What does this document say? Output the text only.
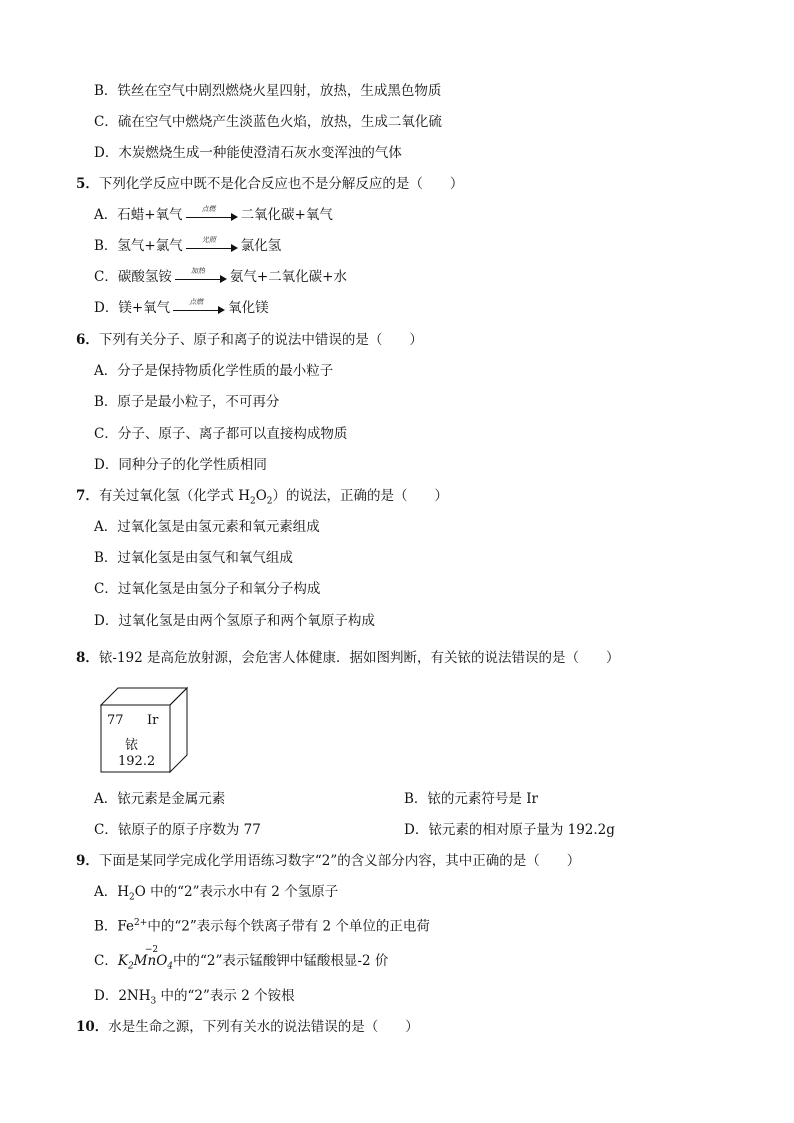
B．铁丝在空气中剧烈燃烧火星四射，放热，生成黑色物质
C．硫在空气中燃烧产生淡蓝色火焰，放热，生成二氧化硫
D．木炭燃烧生成一种能使澄清石灰水变浑浊的气体
5．下列化学反应中既不是化合反应也不是分解反应的是（　　）
A．石蜡+氧气	点燃	二氧化碳+氧气
B．氢气+氯气	光照	氯化氢
C．碳酸氢铵	加热	氨气+二氧化碳+水
D．镁+氧气	点燃	氧化镁
6．下列有关分子、原子和离子的说法中错误的是（　　）
A．分子是保持物质化学性质的最小粒子
B．原子是最小粒子，不可再分
C．分子、原子、离子都可以直接构成物质
D．同种分子的化学性质相同
7．有关过氧化氢（化学式 $H_2O_2$）的说法，正确的是（　　）
A．过氧化氢是由氢元素和氧元素组成
B．过氧化氢是由氢气和氧气组成
C．过氧化氢是由氢分子和氧分子构成
D．过氧化氢是由两个氢原子和两个氧原子构成
8．铱-192 是高危放射源，会危害人体健康．据如图判断，有关铱的说法错误的是（　　）
77 Ir
铱
192.2
A．铱元素是金属元素	B．铱的元素符号是 Ir
C．铱原子的原子序数为 77	D．铱元素的相对原子量为 192.2g
9．下面是某同学完成化学用语练习数字“2”的含义部分内容，其中正确的是（　　）
A．$H_2O$ 中的“2”表示水中有 2 个氢原子
B．$Fe^{2+}$中的“2”表示每个铁离子带有 2 个单位的正电荷
C．
−2
$K_2MnO_4$中的“2”表示锰酸钾中锰酸根显-2 价
D．$2NH_3$ 中的“2”表示 2 个铵根
10．水是生命之源，下列有关水的说法错误的是（　　）
